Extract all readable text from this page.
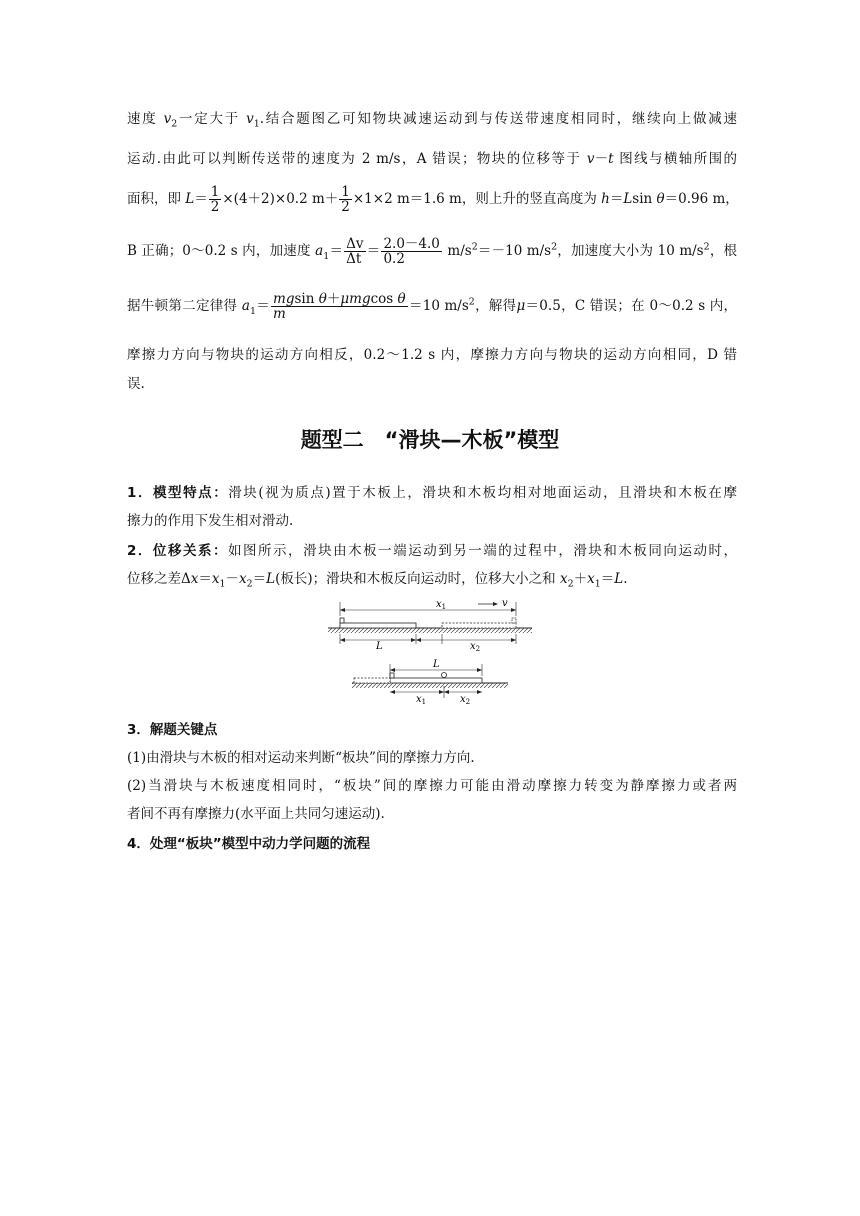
速度 $v_2$一定大于 $v_1$.结合题图乙可知物块减速运动到与传送带速度相同时，继续向上做减速
运动.由此可以判断传送带的速度为 2 m/s，A 错误；物块的位移等于 v－t 图线与横轴所围的
面积，即 $L= \frac{1}{2} \times(4+2)\times 0.2$ $m+ \frac{1}{2} \times 1\times 2$ m＝1.6 m，则上升的竖直高度为 h＝Lsin θ＝0.96 m，
B 正确；0～0.2 s 内，加速度 $a_1= \frac{\Delta v}{\Delta t} = \frac{2.0-4.0}{0.2} m/s^2=-10$ $m/s^2$，加速度大小为 10 $m/s^2$，根
据牛顿第二定律得 $a_1= \frac{\text{mgsin θ＋μmgcos θ}}{m} =10$ $m/s^2$，解得μ＝0.5，C 错误；在 0～0.2 s 内，
摩擦力方向与物块的运动方向相反，0.2～1.2 s 内，摩擦力方向与物块的运动方向相同，D 错
误.
题型二　“滑块—木板”模型
1．模型特点：滑块(视为质点)置于木板上，滑块和木板均相对地面运动，且滑块和木板在摩
擦力的作用下发生相对滑动.
2．位移关系：如图所示，滑块由木板一端运动到另一端的过程中，滑块和木板同向运动时，
位移之差$\Delta x=x_1-x_2=L$(板长)；滑块和木板反向运动时，位移大小之和 $x_2+x_1=L$.
$x_1$	v
L	$x_2$
L
$x_1$	$x_2$
3．解题关键点
(1)由滑块与木板的相对运动来判断“板块”间的摩擦力方向.
(2)当滑块与木板速度相同时，“板块”间的摩擦力可能由滑动摩擦力转变为静摩擦力或者两
者间不再有摩擦力(水平面上共同匀速运动).
4．处理“板块”模型中动力学问题的流程
